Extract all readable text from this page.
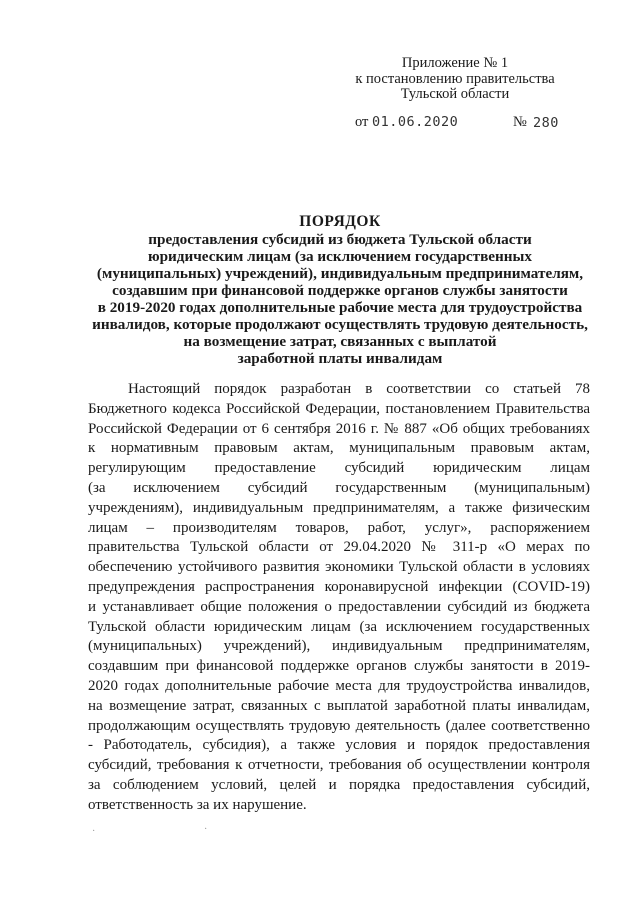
Приложение № 1
к постановлению правительства
Тульской области
от 01.06.2020	№ 280
ПОРЯДОК
предоставления субсидий из бюджета Тульской области
юридическим лицам (за исключением государственных
(муниципальных) учреждений), индивидуальным предпринимателям,
создавшим при финансовой поддержке органов службы занятости
в 2019-2020 годах дополнительные рабочие места для трудоустройства
инвалидов, которые продолжают осуществлять трудовую деятельность,
на возмещение затрат, связанных с выплатой
заработной платы инвалидам
Настоящий порядок разработан в соответствии со статьей 78
Бюджетного кодекса Российской Федерации, постановлением Правительства
Российской Федерации от 6 сентября 2016 г. № 887 «Об общих требованиях
к нормативным правовым актам, муниципальным правовым актам,
регулирующим предоставление субсидий юридическим лицам
(за исключением субсидий государственным (муниципальным)
учреждениям), индивидуальным предпринимателям, а также физическим
лицам – производителям товаров, работ, услуг», распоряжением
правительства Тульской области от 29.04.2020 № 311-р «О мерах по
обеспечению устойчивого развития экономики Тульской области в условиях
предупреждения распространения коронавирусной инфекции (COVID-19)
и устанавливает общие положения о предоставлении субсидий из бюджета
Тульской области юридическим лицам (за исключением государственных
(муниципальных) учреждений), индивидуальным предпринимателям,
создавшим при финансовой поддержке органов службы занятости в 2019-
2020 годах дополнительные рабочие места для трудоустройства инвалидов,
на возмещение затрат, связанных с выплатой заработной платы инвалидам,
продолжающим осуществлять трудовую деятельность (далее соответственно
- Работодатель, субсидия), а также условия и порядок предоставления
субсидий, требования к отчетности, требования об осуществлении контроля
за соблюдением условий, целей и порядка предоставления субсидий,
ответственность за их нарушение.
·	·
